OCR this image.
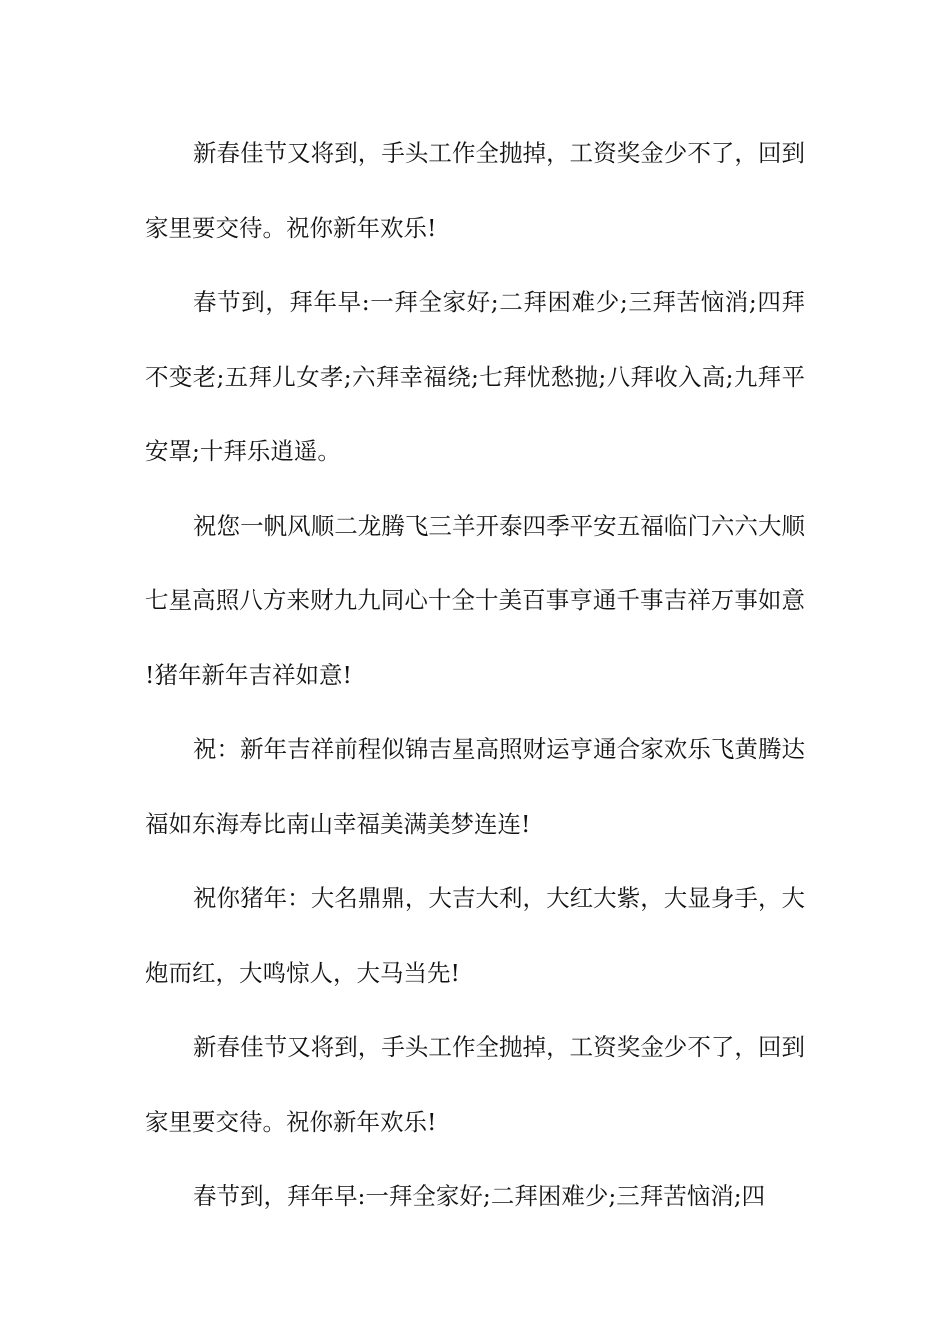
新春佳节又将到，手头工作全抛掉，工资奖金少不了，回到家里要交待。祝你新年欢乐!

春节到，拜年早:一拜全家好;二拜困难少;三拜苦恼消;四拜不变老;五拜儿女孝;六拜幸福绕;七拜忧愁抛;八拜收入高;九拜平安罩;十拜乐逍遥。

祝您一帆风顺二龙腾飞三羊开泰四季平安五福临门六六大顺七星高照八方来财九九同心十全十美百事亨通千事吉祥万事如意!猪年新年吉祥如意!

祝：新年吉祥前程似锦吉星高照财运亨通合家欢乐飞黄腾达福如东海寿比南山幸福美满美梦连连!

祝你猪年：大名鼎鼎，大吉大利，大红大紫，大显身手，大炮而红，大鸣惊人，大马当先!

新春佳节又将到，手头工作全抛掉，工资奖金少不了，回到家里要交待。祝你新年欢乐!

春节到，拜年早:一拜全家好;二拜困难少;三拜苦恼消;四
